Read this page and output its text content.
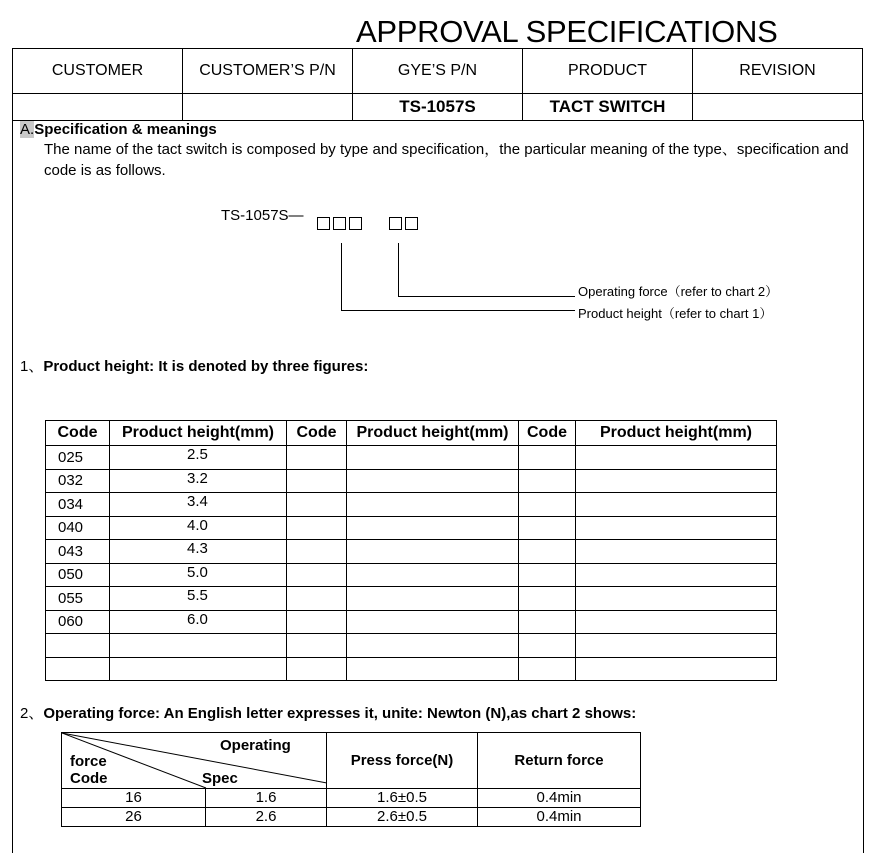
APPROVAL SPECIFICATIONS
CUSTOMER	CUSTOMER’S P/N	GYE’S P/N	PRODUCT	REVISION
		TS-1057S	TACT SWITCH	
A.Specification & meanings
The name of the tact switch is composed by type and specification，the particular meaning of the type、specification and code is as follows.
TS-1057S—
Operating force（refer to chart 2）
Product height（refer to chart 1）
1、Product height: It is denoted by three figures:
Code	Product height(mm)	Code	Product height(mm)	Code	Product height(mm)
025	2.5				
032	3.2				
034	3.4				
040	4.0				
043	4.3				
050	5.0				
055	5.5				
060	6.0				

2、Operating force: An English letter expresses it, unite: Newton (N),as chart 2 shows:
Operating
force
Code Spec		Press force(N)	Return force
16	1.6	1.6±0.5	0.4min
26	2.6	2.6±0.5	0.4min
